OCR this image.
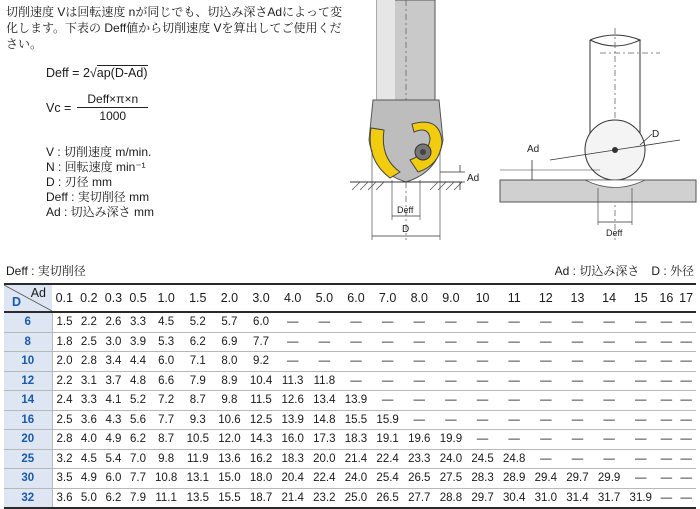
切削速度 Vは回転速度 nが同じでも、切込み深さAdによって変化します。下表の Deff値から切削速度 Vを算出してご使用ください。
Deff = 2√ap(D-Ad)
$Vc = \frac{\text{Deff×π×n}}{1000}$
V : 切削速度 m/min.
N : 回転速度 min⁻¹
D : 刃径 mm
Deff : 実切削径 mm
Ad : 切込み深さ mm
Ad
Deff
D
Ad
D
Deff
Deff : 実切削径	Ad : 切込み深さ　D : 外径
D
Ad	0.1	0.2	0.3	0.5	1.0	1.5	2.0	3.0	4.0	5.0	6.0	7.0	8.0	9.0	10	11	12	13	14	15	16	17
6	1.5	2.2	2.6	3.3	4.5	5.2	5.7	6.0	—	—	—	—	—	—	—	—	—	—	—	—	—	—
8	1.8	2.5	3.0	3.9	5.3	6.2	6.9	7.7	—	—	—	—	—	—	—	—	—	—	—	—	—	—
10	2.0	2.8	3.4	4.4	6.0	7.1	8.0	9.2	—	—	—	—	—	—	—	—	—	—	—	—	—	—
12	2.2	3.1	3.7	4.8	6.6	7.9	8.9	10.4	11.3	11.8	—	—	—	—	—	—	—	—	—	—	—	—
14	2.4	3.3	4.1	5.2	7.2	8.7	9.8	11.5	12.6	13.4	13.9	—	—	—	—	—	—	—	—	—	—	—
16	2.5	3.6	4.3	5.6	7.7	9.3	10.6	12.5	13.9	14.8	15.5	15.9	—	—	—	—	—	—	—	—	—	—
20	2.8	4.0	4.9	6.2	8.7	10.5	12.0	14.3	16.0	17.3	18.3	19.1	19.6	19.9	—	—	—	—	—	—	—	—
25	3.2	4.5	5.4	7.0	9.8	11.9	13.6	16.2	18.3	20.0	21.4	22.4	23.3	24.0	24.5	24.8	—	—	—	—	—	—
30	3.5	4.9	6.0	7.7	10.8	13.1	15.0	18.0	20.4	22.4	24.0	25.4	26.5	27.5	28.3	28.9	29.4	29.7	29.9	—	—	—
32	3.6	5.0	6.2	7.9	11.1	13.5	15.5	18.7	21.4	23.2	25.0	26.5	27.7	28.8	29.7	30.4	31.0	31.4	31.7	31.9	—	—
